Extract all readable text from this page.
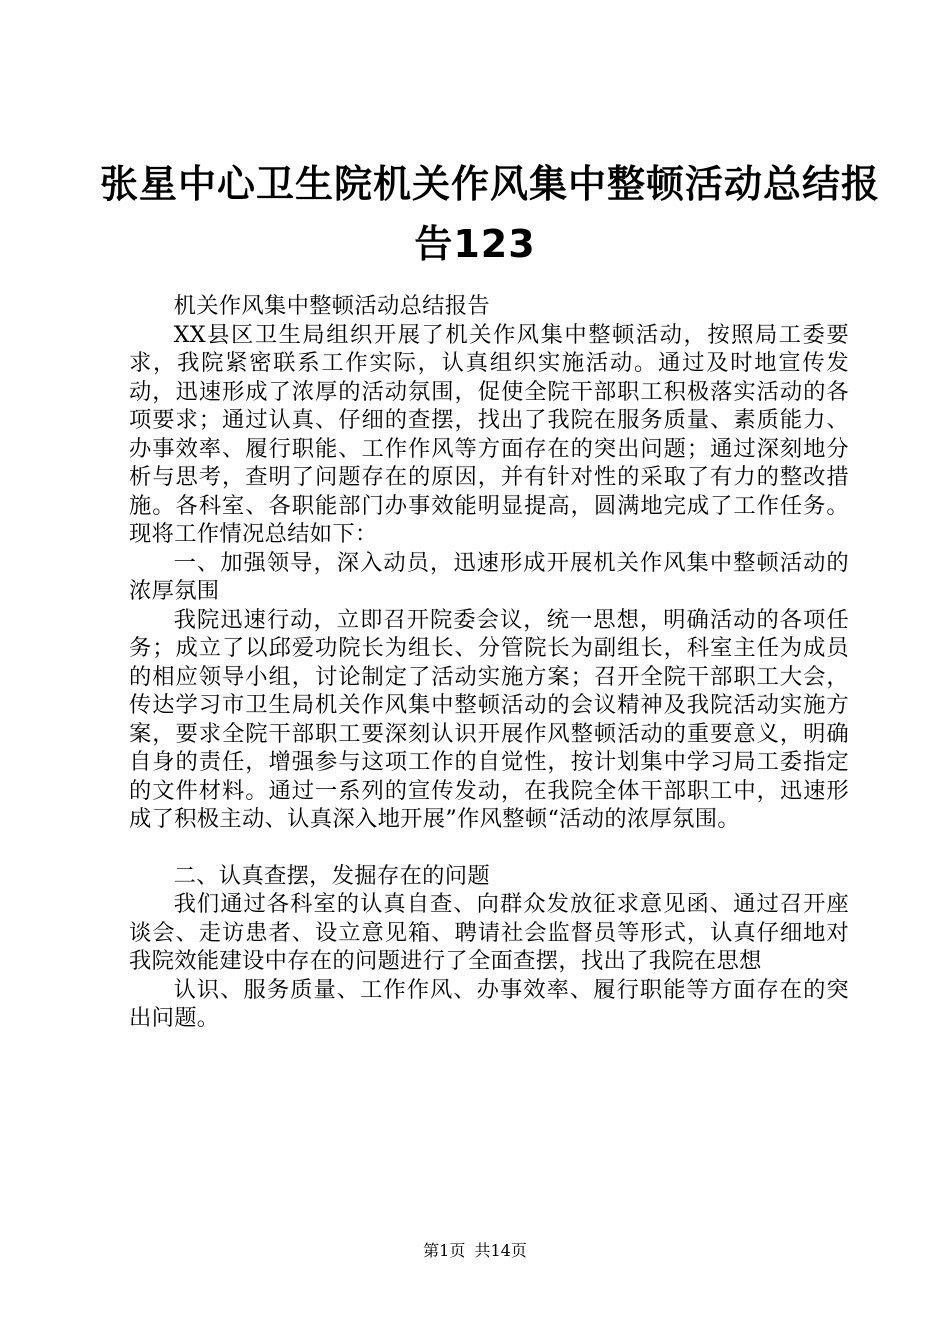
张星中心卫生院机关作风集中整顿活动总结报
告123

机关作风集中整顿活动总结报告

XX县区卫生局组织开展了机关作风集中整顿活动，按照局工委要求，我院紧密联系工作实际，认真组织实施活动。通过及时地宣传发动，迅速形成了浓厚的活动氛围，促使全院干部职工积极落实活动的各项要求；通过认真、仔细的查摆，找出了我院在服务质量、素质能力、办事效率、履行职能、工作作风等方面存在的突出问题；通过深刻地分析与思考，查明了问题存在的原因，并有针对性的采取了有力的整改措施。各科室、各职能部门办事效能明显提高，圆满地完成了工作任务。现将工作情况总结如下：

一、加强领导，深入动员，迅速形成开展机关作风集中整顿活动的浓厚氛围

我院迅速行动，立即召开院委会议，统一思想，明确活动的各项任务；成立了以邱爱功院长为组长、分管院长为副组长，科室主任为成员的相应领导小组，讨论制定了活动实施方案；召开全院干部职工大会，传达学习市卫生局机关作风集中整顿活动的会议精神及我院活动实施方案，要求全院干部职工要深刻认识开展作风整顿活动的重要意义，明确自身的责任，增强参与这项工作的自觉性，按计划集中学习局工委指定的文件材料。通过一系列的宣传发动，在我院全体干部职工中，迅速形成了积极主动、认真深入地开展”作风整顿“活动的浓厚氛围。

二、认真查摆，发掘存在的问题

我们通过各科室的认真自查、向群众发放征求意见函、通过召开座谈会、走访患者、设立意见箱、聘请社会监督员等形式，认真仔细地对我院效能建设中存在的问题进行了全面查摆，找出了我院在思想

认识、服务质量、工作作风、办事效率、履行职能等方面存在的突出问题。

第1页 共14页
